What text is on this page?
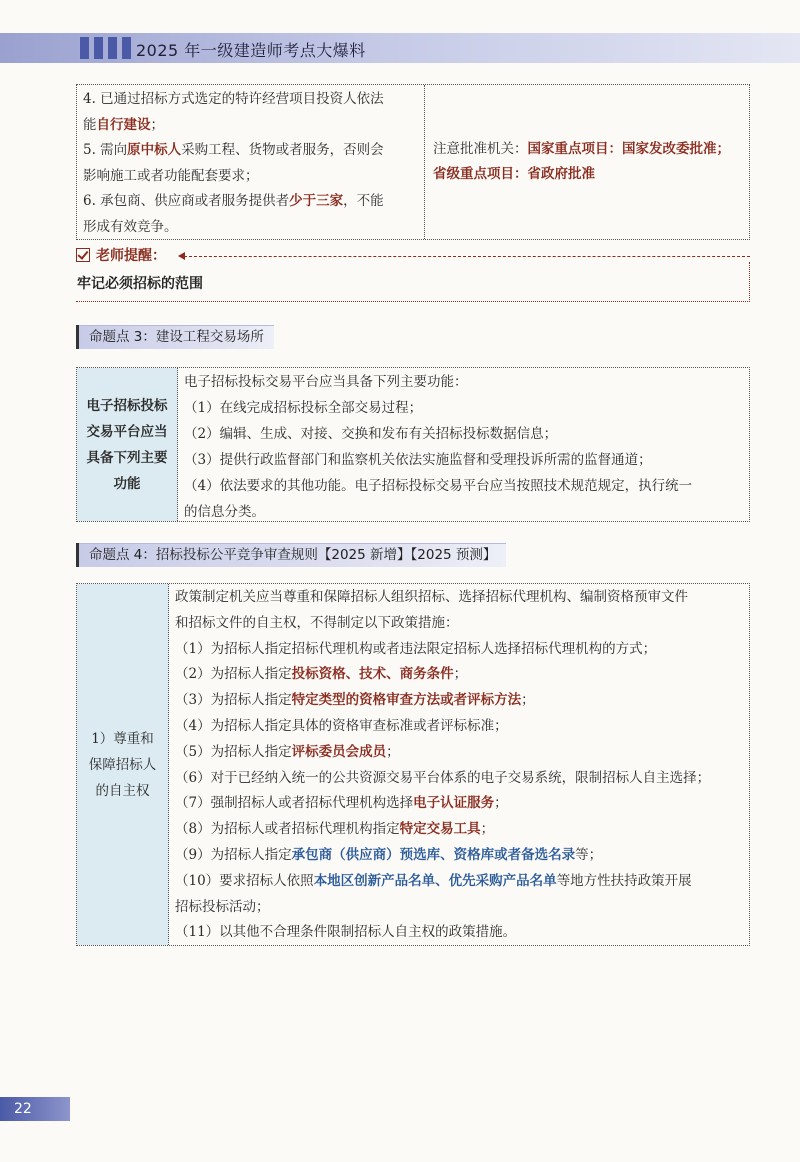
2025 年一级建造师考点大爆料
4. 已通过招标方式选定的特许经营项目投资人依法
能自行建设；
5. 需向原中标人采购工程、货物或者服务，否则会
影响施工或者功能配套要求；
6. 承包商、供应商或者服务提供者少于三家，不能
形成有效竞争。
注意批准机关：国家重点项目：国家发改委批准；
省级重点项目：省政府批准
老师提醒：
牢记必须招标的范围
命题点 3：建设工程交易场所
电子招标投标
交易平台应当
具备下列主要
功能
电子招标投标交易平台应当具备下列主要功能：
（1）在线完成招标投标全部交易过程；
（2）编辑、生成、对接、交换和发布有关招标投标数据信息；
（3）提供行政监督部门和监察机关依法实施监督和受理投诉所需的监督通道；
（4）依法要求的其他功能。电子招标投标交易平台应当按照技术规范规定，执行统一
的信息分类。
命题点 4：招标投标公平竞争审查规则【2025 新增】【2025 预测】
1）尊重和
保障招标人
的自主权
政策制定机关应当尊重和保障招标人组织招标、选择招标代理机构、编制资格预审文件
和招标文件的自主权，不得制定以下政策措施：
（1）为招标人指定招标代理机构或者违法限定招标人选择招标代理机构的方式；
（2）为招标人指定投标资格、技术、商务条件；
（3）为招标人指定特定类型的资格审查方法或者评标方法；
（4）为招标人指定具体的资格审查标准或者评标标准；
（5）为招标人指定评标委员会成员；
（6）对于已经纳入统一的公共资源交易平台体系的电子交易系统，限制招标人自主选择；
（7）强制招标人或者招标代理机构选择电子认证服务；
（8）为招标人或者招标代理机构指定特定交易工具；
（9）为招标人指定承包商（供应商）预选库、资格库或者备选名录等；
（10）要求招标人依照本地区创新产品名单、优先采购产品名单等地方性扶持政策开展
招标投标活动；
（11）以其他不合理条件限制招标人自主权的政策措施。
22
